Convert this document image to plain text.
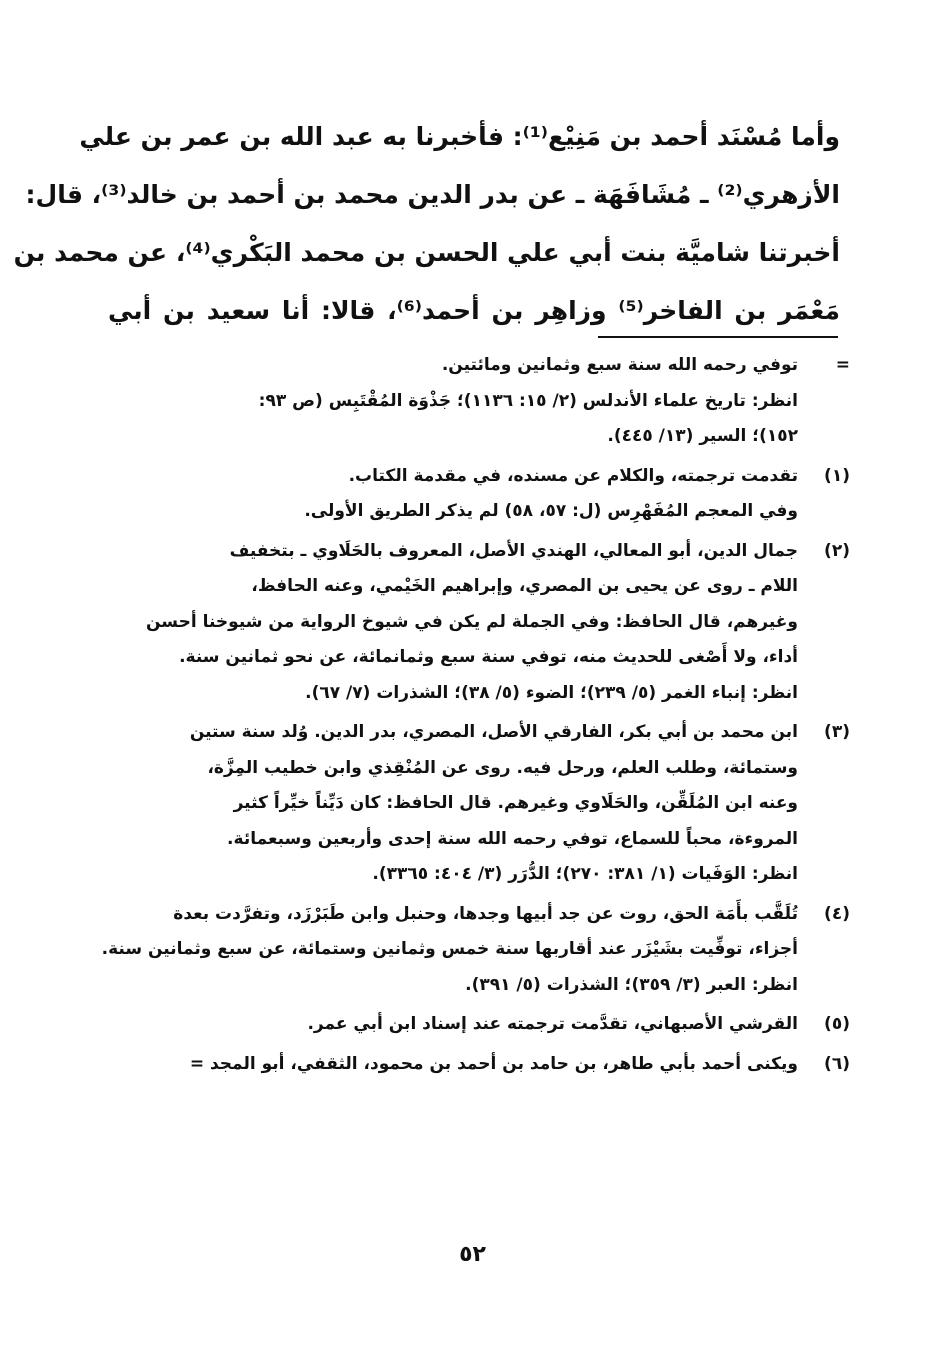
وأما مُسْنَد أحمد بن مَنِيْع⁽¹⁾: فأخبرنا به عبد الله بن عمر بن علي
الأزهري⁽²⁾ ـ مُشَافَهَة ـ عن بدر الدين محمد بن أحمد بن خالد⁽³⁾، قال:
أخبرتنا شاميَّة بنت أبي علي الحسن بن محمد البَكْري⁽⁴⁾، عن محمد بن
مَعْمَر بن الفاخر⁽⁵⁾ وزاهِر بن أحمد⁽⁶⁾، قالا: أنا سعيد بن أبي
=
توفي رحمه الله سنة سبع وثمانين ومائتين.
انظر: تاريخ علماء الأندلس (٢/ ١٥: ١١٣٦)؛ جَذْوَة المُقْتَبِس (ص ٩٣:
١٥٢)؛ السير (١٣/ ٤٤٥).
(١)
تقدمت ترجمته، والكلام عن مسنده، في مقدمة الكتاب.
وفي المعجم المُفَهْرِس (ل: ٥٧، ٥٨) لم يذكر الطريق الأولى.
(٢)
جمال الدين، أبو المعالي، الهندي الأصل، المعروف بالحَلَاوي ـ بتخفيف
اللام ـ روى عن يحيى بن المصري، وإبراهيم الخَيْمي، وعنه الحافظ،
وغيرهم، قال الحافظ: وفي الجملة لم يكن في شيوخ الرواية من شيوخنا أحسن
أداء، ولا أَصْغى للحديث منه، توفي سنة سبع وثمانمائة، عن نحو ثمانين سنة.
انظر: إنباء الغمر (٥/ ٢٣٩)؛ الضوء (٥/ ٣٨)؛ الشذرات (٧/ ٦٧).
(٣)
ابن محمد بن أبي بكر، الفارقي الأصل، المصري، بدر الدين. وُلد سنة ستين
وستمائة، وطلب العلم، ورحل فيه. روى عن المُنْقِذي وابن خطيب المِزَّة،
وعنه ابن المُلَقِّن، والحَلَاوي وغيرهم. قال الحافظ: كان دَيِّناً خيِّراً كثير
المروءة، محباً للسماع، توفي رحمه الله سنة إحدى وأربعين وسبعمائة.
انظر: الوَفَيات (١/ ٣٨١: ٢٧٠)؛ الدُّرَر (٣/ ٤٠٤: ٣٣٦٥).
(٤)
تُلَقَّب بأَمَة الحق، روت عن جد أبيها وجدها، وحنبل وابن طَبَرْزَد، وتفرَّدت بعدة
أجزاء، توفِّيت بشَيْزَر عند أقاربها سنة خمس وثمانين وستمائة، عن سبع وثمانين سنة.
انظر: العبر (٣/ ٣٥٩)؛ الشذرات (٥/ ٣٩١).
(٥)
القرشي الأصبهاني، تقدَّمت ترجمته عند إسناد ابن أبي عمر.
(٦)
ويكنى أحمد بأبي طاهر، بن حامد بن أحمد بن محمود، الثقفي، أبو المجد =
٥٢
